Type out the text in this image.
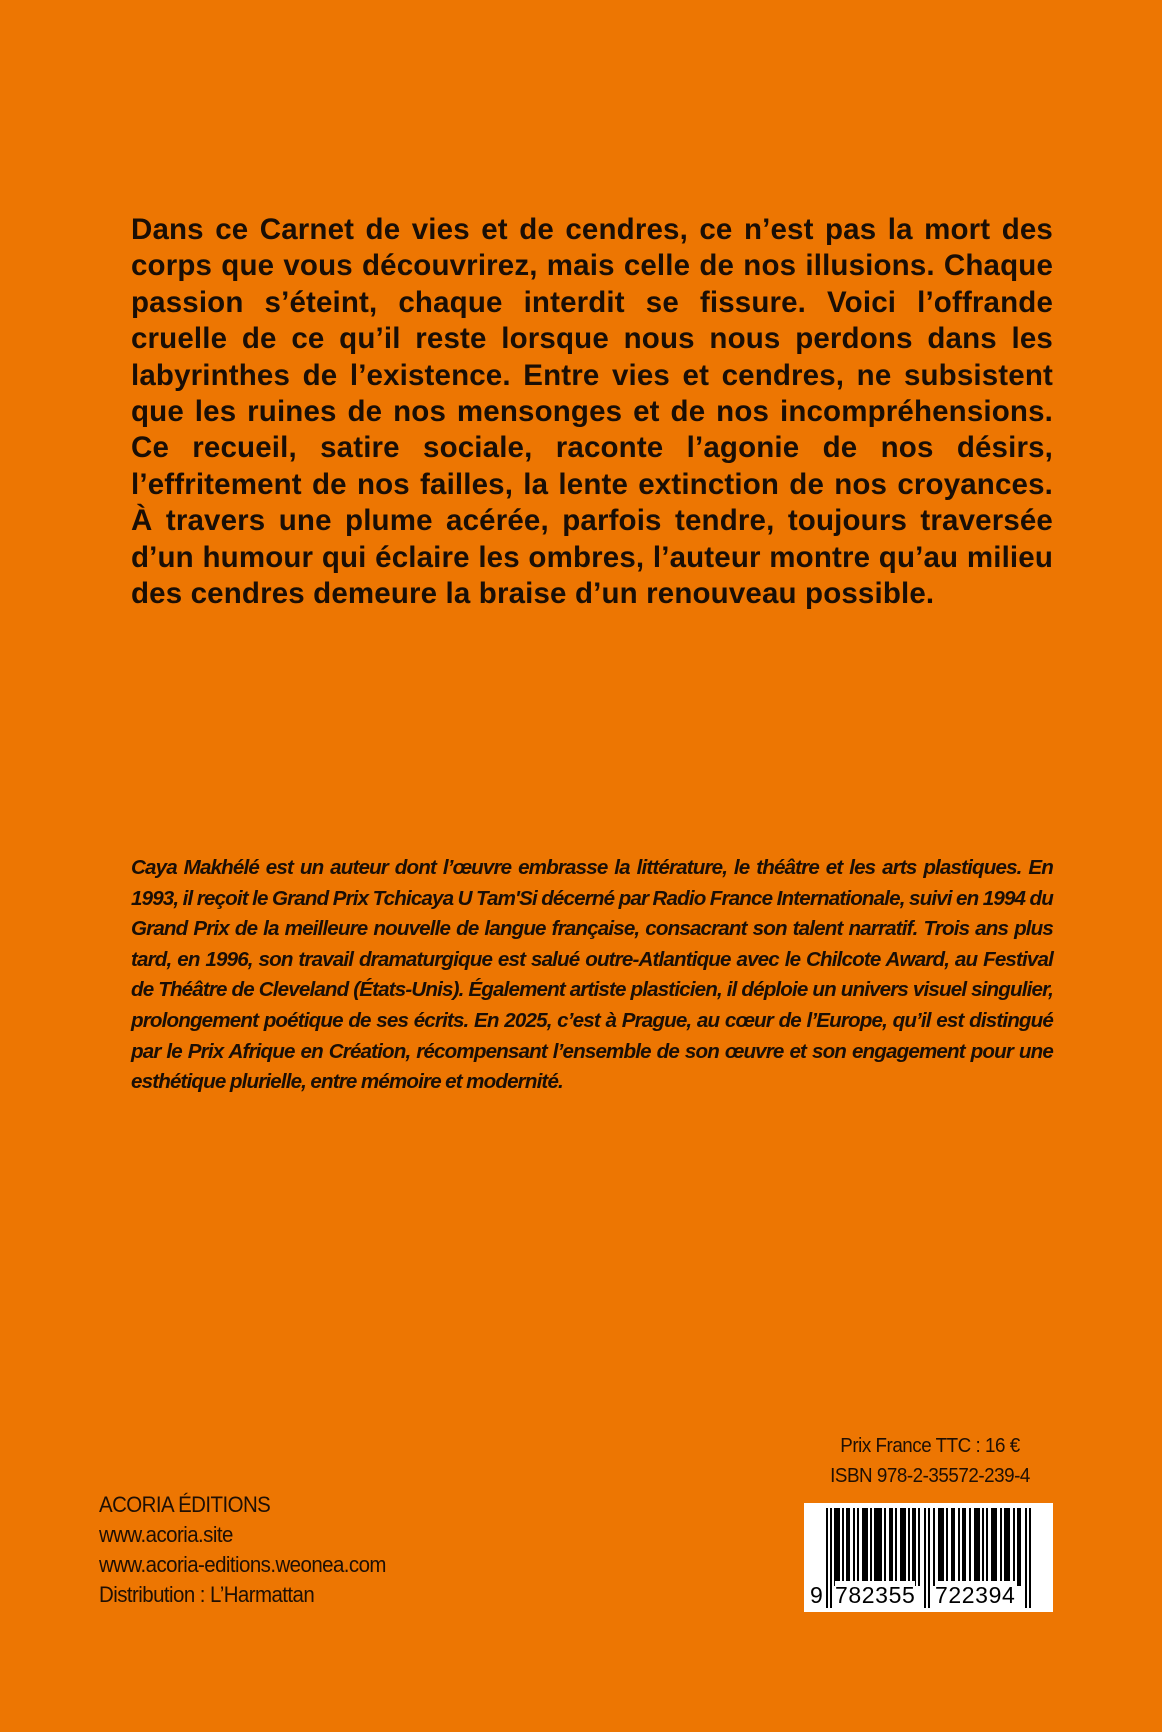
Dans ce Carnet de vies et de cendres, ce n’est pas la mort des corps que vous découvrirez, mais celle de nos illusions. Chaque passion s’éteint, chaque interdit se fissure. Voici l’offrande cruelle de ce qu’il reste lorsque nous nous perdons dans les labyrinthes de l’existence. Entre vies et cendres, ne subsistent que les ruines de nos mensonges et de nos incompréhensions. Ce recueil, satire sociale, raconte l’agonie de nos désirs, l’effritement de nos failles, la lente extinction de nos croyances. À travers une plume acérée, parfois tendre, toujours traversée d’un humour qui éclaire les ombres, l’auteur montre qu’au milieu des cendres demeure la braise d’un renouveau possible.

Caya Makhélé est un auteur dont l’œuvre embrasse la littérature, le théâtre et les arts plastiques. En 1993, il reçoit le Grand Prix Tchicaya U Tam'Si décerné par Radio France Internationale, suivi en 1994 du Grand Prix de la meilleure nouvelle de langue française, consacrant son talent narratif. Trois ans plus tard, en 1996, son travail dramaturgique est salué outre-Atlantique avec le Chilcote Award, au Festival de Théâtre de Cleveland (États-Unis). Également artiste plasticien, il déploie un univers visuel singulier, prolongement poétique de ses écrits. En 2025, c’est à Prague, au cœur de l’Europe, qu’il est distingué par le Prix Afrique en Création, récompensant l’ensemble de son œuvre et son engagement pour une esthétique plurielle, entre mémoire et modernité.

ACORIA ÉDITIONS
www.acoria.site
www.acoria-editions.weonea.com
Distribution : L’Harmattan
Prix France TTC : 16 €
ISBN 978-2-35572-239-4
9 782355 722394
